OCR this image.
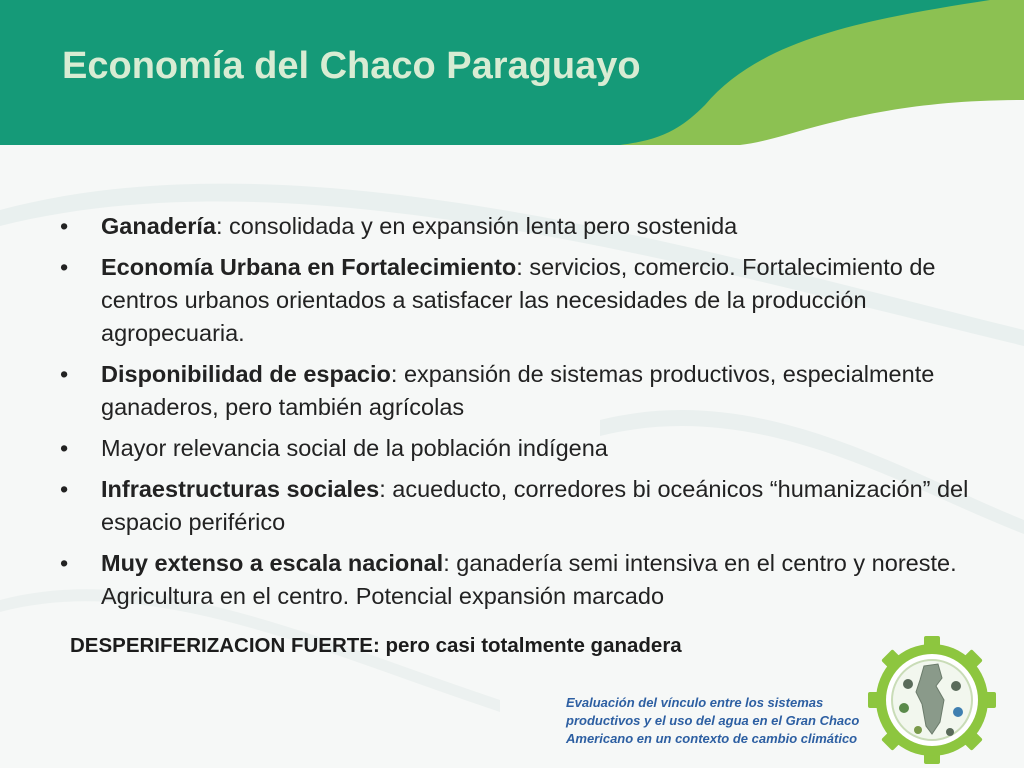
Economía del Chaco Paraguayo
• Ganadería: consolidada y en expansión lenta pero sostenida
• Economía Urbana en Fortalecimiento: servicios, comercio. Fortalecimiento de centros urbanos orientados a satisfacer las necesidades de la producción agropecuaria.
• Disponibilidad de espacio: expansión de sistemas productivos, especialmente ganaderos, pero también agrícolas
• Mayor relevancia social de la población indígena
• Infraestructuras sociales: acueducto, corredores bi oceánicos “humanización” del espacio periférico
• Muy extenso a escala nacional: ganadería semi intensiva en el centro y noreste. Agricultura en el centro. Potencial expansión marcado

DESPERIFERIZACION FUERTE: pero casi totalmente ganadera

Evaluación del vínculo entre los sistemas
productivos y el uso del agua en el Gran Chaco
Americano en un contexto de cambio climático
